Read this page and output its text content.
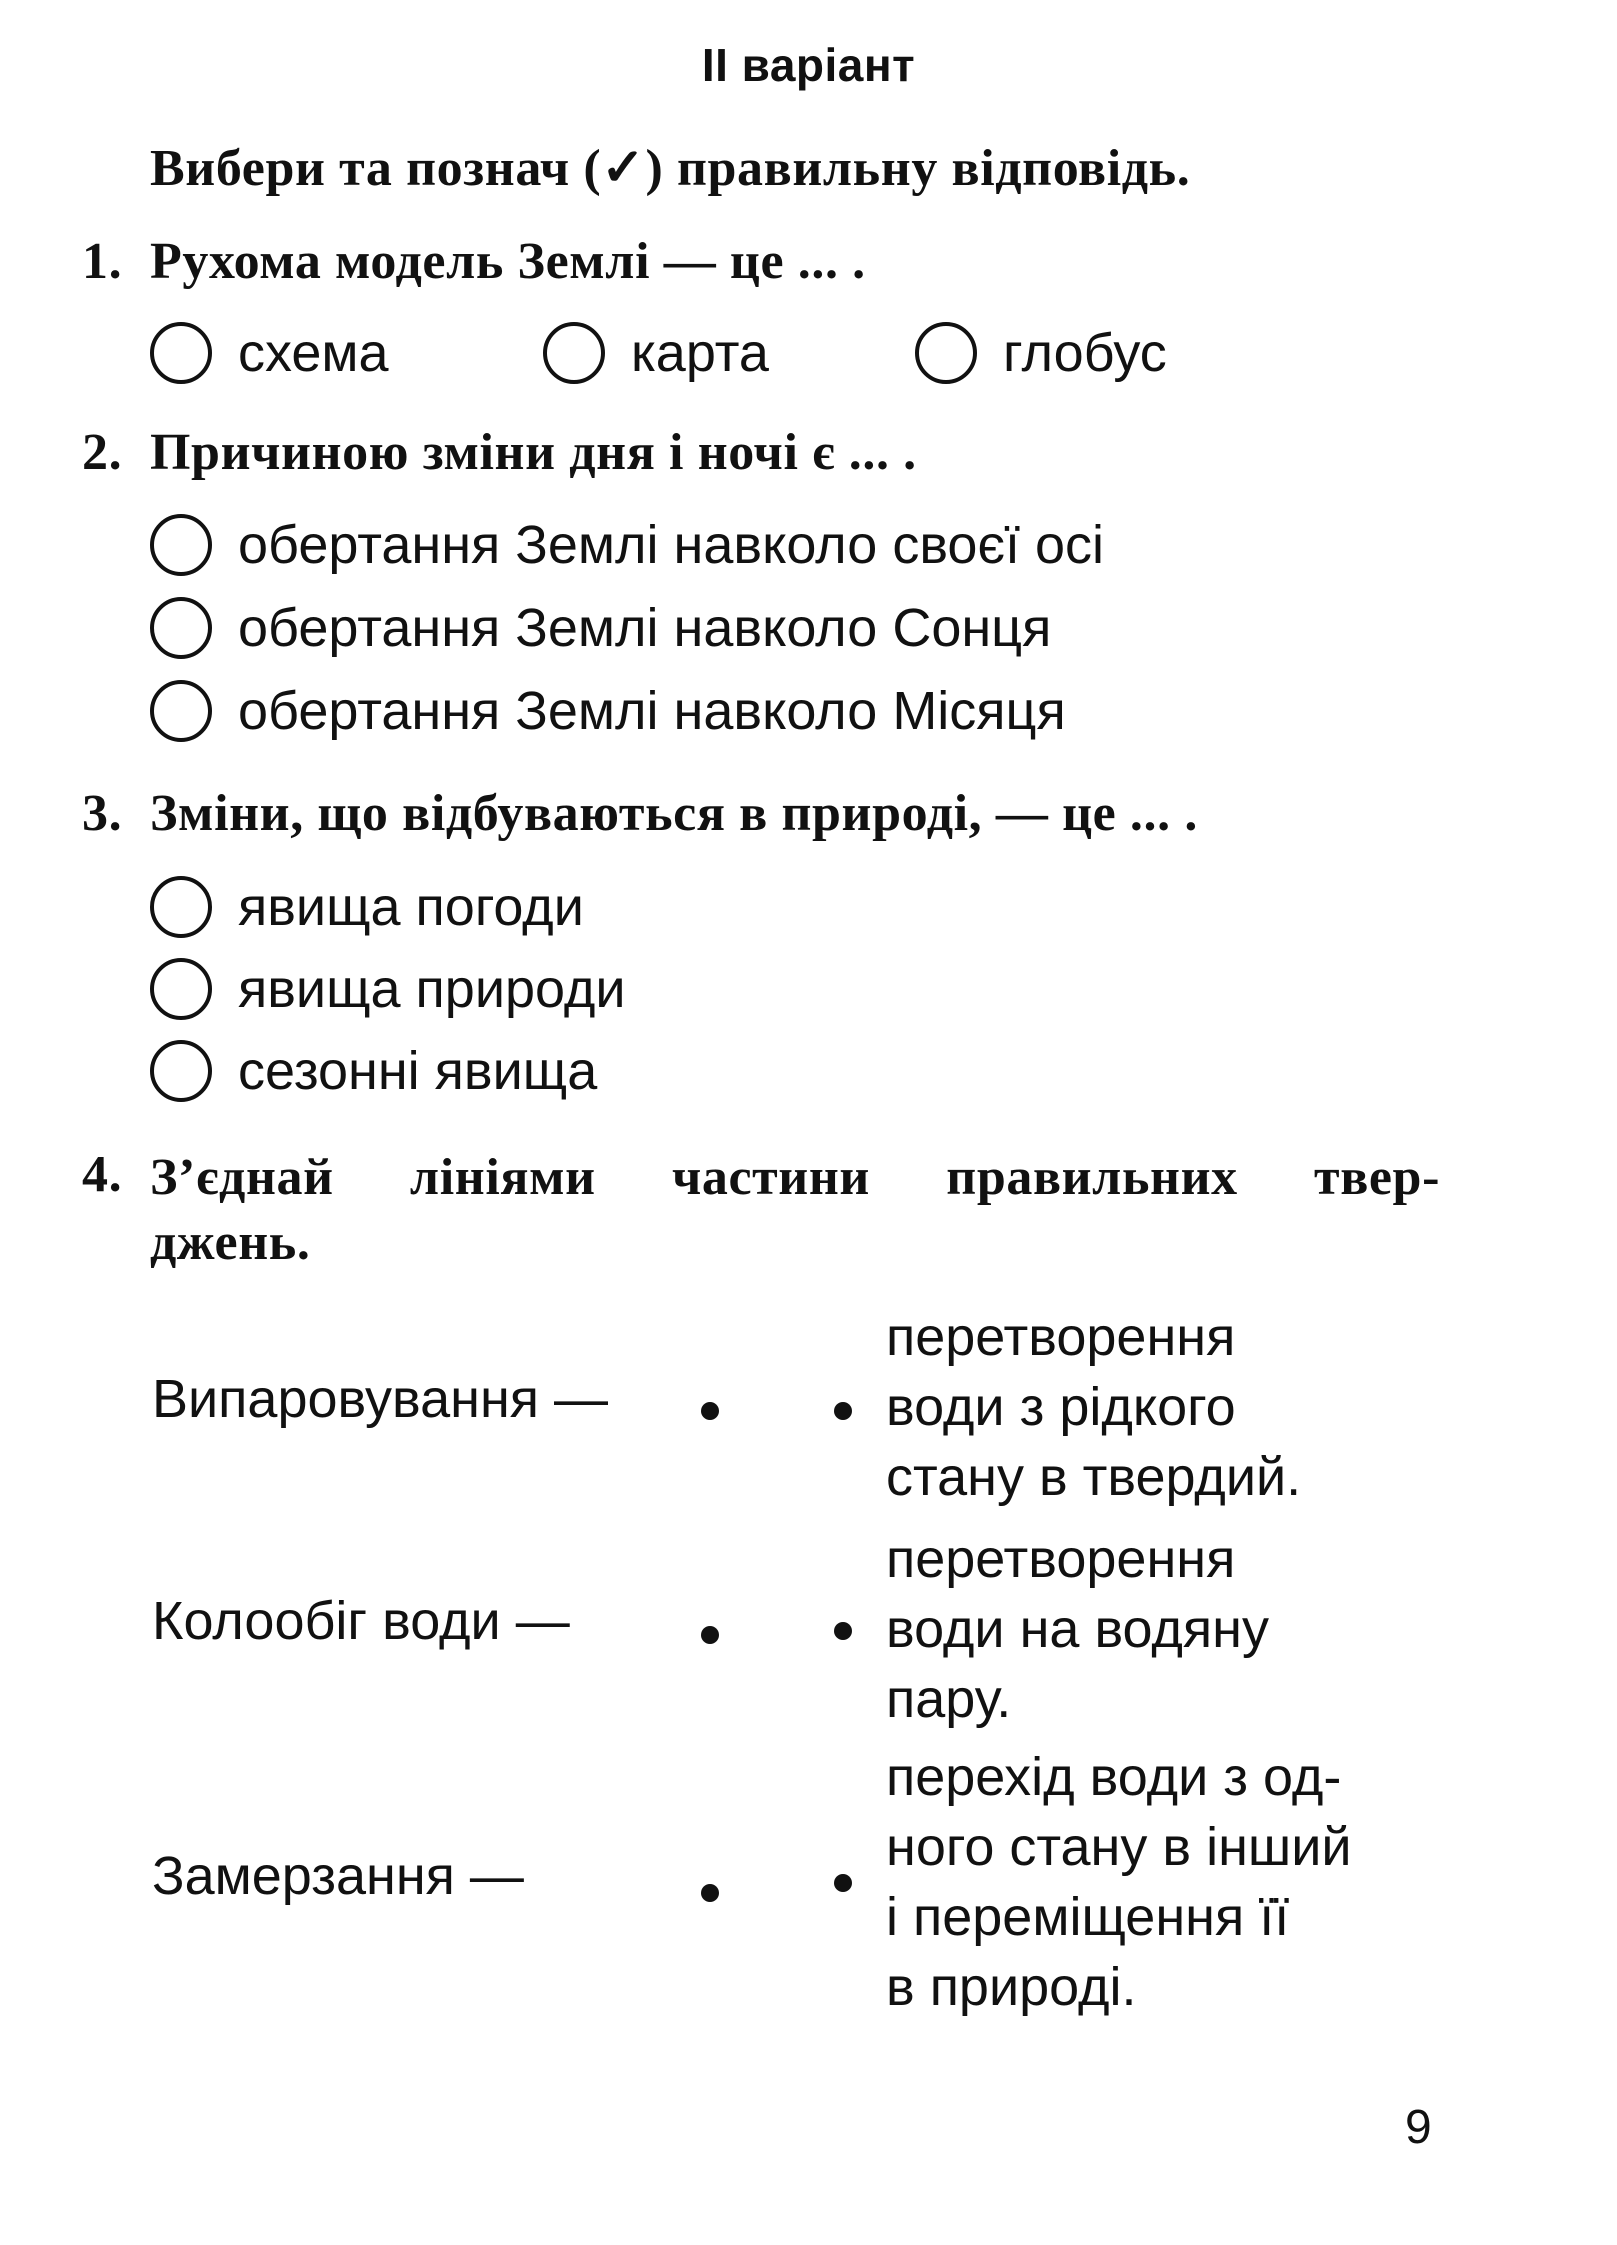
II варіант
Вибери та познач (✓) правильну відповідь.
1. Рухома модель Землі — це ... .
схема	карта	глобус
2. Причиною зміни дня і ночі є ... .
обертання Землі навколо своєї осі
обертання Землі навколо Сонця
обертання Землі навколо Місяця
3. Зміни, що відбуваються в природі, — це ... .
явища погоди
явища природи
сезонні явища
4. З’єднай лініями частини правильних твер-
джень.
Випаровування —
перетворення
води з рідкого
стану в твердий.
Колообіг води —
перетворення
води на водяну
пару.
Замерзання —
перехід води з од-
ного стану в інший
і переміщення її
в природі.
9
